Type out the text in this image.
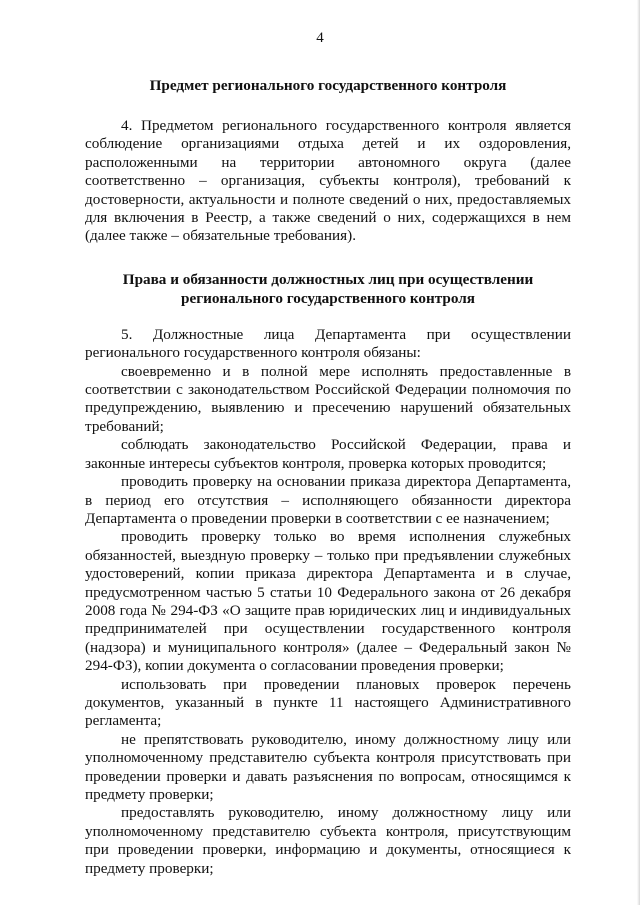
4
Предмет регионального государственного контроля

4. Предметом регионального государственного контроля является соблюдение организациями отдыха детей и их оздоровления, расположенными на территории автономного округа (далее соответственно – организация, субъекты контроля), требований к достоверности, актуальности и полноте сведений о них, предоставляемых для включения в Реестр, а также сведений о них, содержащихся в нем (далее также – обязательные требования).

Права и обязанности должностных лиц при осуществлении
регионального государственного контроля

5. Должностные лица Департамента при осуществлении регионального государственного контроля обязаны:

своевременно и в полной мере исполнять предоставленные в соответствии с законодательством Российской Федерации полномочия по предупреждению, выявлению и пресечению нарушений обязательных требований;

соблюдать законодательство Российской Федерации, права и законные интересы субъектов контроля, проверка которых проводится;

проводить проверку на основании приказа директора Департамента, в период его отсутствия – исполняющего обязанности директора Департамента о проведении проверки в соответствии с ее назначением;

проводить проверку только во время исполнения служебных обязанностей, выездную проверку – только при предъявлении служебных удостоверений, копии приказа директора Департамента и в случае, предусмотренном частью 5 статьи 10 Федерального закона от 26 декабря 2008 года № 294-ФЗ «О защите прав юридических лиц и индивидуальных предпринимателей при осуществлении государственного контроля (надзора) и муниципального контроля» (далее – Федеральный закон № 294-ФЗ), копии документа о согласовании проведения проверки;

использовать при проведении плановых проверок перечень документов, указанный в пункте 11 настоящего Административного регламента;

не препятствовать руководителю, иному должностному лицу или уполномоченному представителю субъекта контроля присутствовать при проведении проверки и давать разъяснения по вопросам, относящимся к предмету проверки;

предоставлять руководителю, иному должностному лицу или уполномоченному представителю субъекта контроля, присутствующим при проведении проверки, информацию и документы, относящиеся к предмету проверки;
